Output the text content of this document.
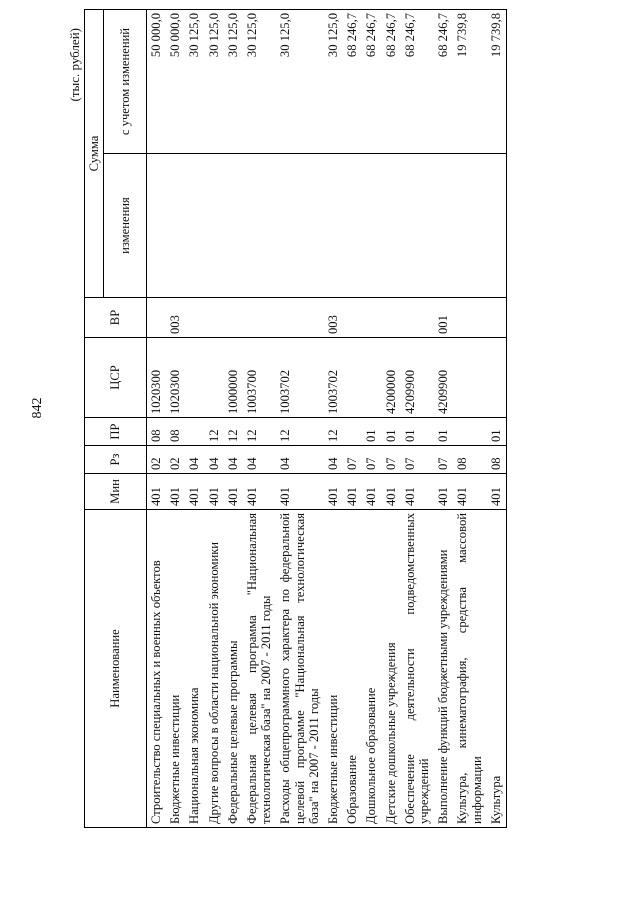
842
(тыс. рублей)
Наименование	Мин	Рз	ПР	ЦСР	ВР	Сумма	
						изменения	с учетом изменений
Строительство специальных и военных объектов	401	02	08	1020300			50 000,0

Бюджетные инвестиции	401	02	08	1020300	003		50 000,0

Национальная экономика	401	04					30 125,0

Другие вопросы в области национальной экономики	401	04	12				30 125,0

Федеральные целевые программы	401	04	12	1000000			30 125,0

Федеральная целевая программа "Национальная технологическая база" на 2007 - 2011 годы	401	04	12	1003700			30 125,0

Расходы общепрограммного характера по федеральной целевой программе "Национальная технологическая база" на 2007 - 2011 годы	401	04	12	1003702			30 125,0

Бюджетные инвестиции	401	04	12	1003702	003		30 125,0

Образование	401	07					68 246,7

Дошкольное образование	401	07	01				68 246,7

Детские дошкольные учреждения	401	07	01	4200000			68 246,7

Обеспечение деятельности подведомственных учреждений	401	07	01	4209900			68 246,7

Выполнение функций бюджетными учреждениями	401	07	01	4209900	001		68 246,7

Культура, кинематография, средства массовой информации	401	08					19 739,8

Культура	401	08	01				19 739,8
